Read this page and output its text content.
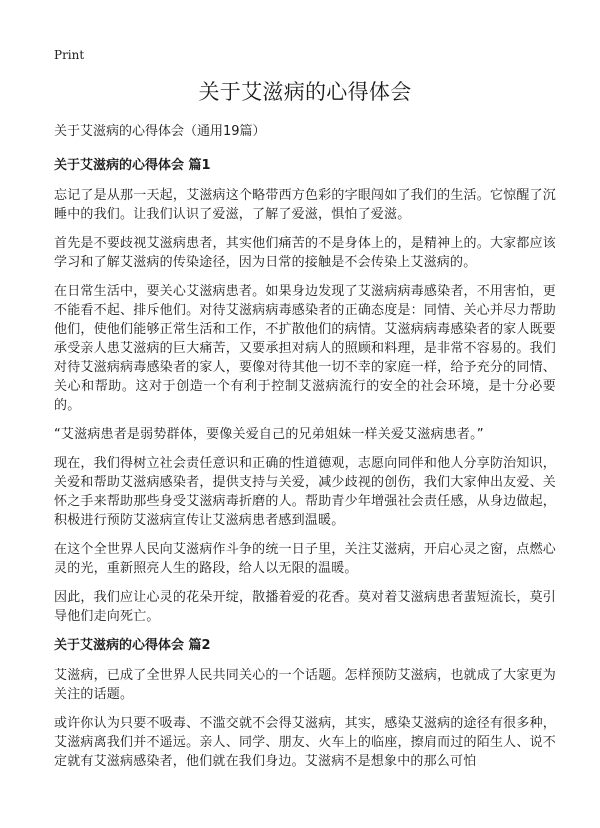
Print
关于艾滋病的心得体会

关于艾滋病的心得体会（通用19篇）

关于艾滋病的心得体会 篇1

忘记了是从那一天起，艾滋病这个略带西方色彩的字眼闯如了我们的生活。它惊醒了沉睡中的我们。让我们认识了爱滋，了解了爱滋，惧怕了爱滋。

首先是不要歧视艾滋病患者，其实他们痛苦的不是身体上的，是精神上的。大家都应该学习和了解艾滋病的传染途径，因为日常的接触是不会传染上艾滋病的。

在日常生活中，要关心艾滋病患者。如果身边发现了艾滋病病毒感染者，不用害怕，更不能看不起、排斥他们。对待艾滋病病毒感染者的正确态度是：同情、关心并尽力帮助他们，使他们能够正常生活和工作，不扩散他们的病情。艾滋病病毒感染者的家人既要承受亲人患艾滋病的巨大痛苦，又要承担对病人的照顾和料理，是非常不容易的。我们对待艾滋病病毒感染者的家人，要像对待其他一切不幸的家庭一样，给予充分的同情、关心和帮助。这对于创造一个有利于控制艾滋病流行的安全的社会环境，是十分必要的。

“艾滋病患者是弱势群体，要像关爱自己的兄弟姐妹一样关爱艾滋病患者。”

现在，我们得树立社会责任意识和正确的性道德观，志愿向同伴和他人分享防治知识，关爱和帮助艾滋病感染者，提供支持与关爱，减少歧视的创伤，我们大家伸出友爱、关怀之手来帮助那些身受艾滋病毒折磨的人。帮助青少年增强社会责任感，从身边做起，积极进行预防艾滋病宣传让艾滋病患者感到温暖。

在这个全世界人民向艾滋病作斗争的统一日子里，关注艾滋病，开启心灵之窗，点燃心灵的光，重新照亮人生的路段，给人以无限的温暖。

因此，我们应让心灵的花朵开绽，散播着爱的花香。莫对着艾滋病患者蜚短流长，莫引导他们走向死亡。

关于艾滋病的心得体会 篇2

艾滋病，已成了全世界人民共同关心的一个话题。怎样预防艾滋病，也就成了大家更为关注的话题。

或许你认为只要不吸毒、不滥交就不会得艾滋病，其实，感染艾滋病的途径有很多种，艾滋病离我们并不遥远。亲人、同学、朋友、火车上的临座，擦肩而过的陌生人、说不定就有艾滋病感染者，他们就在我们身边。艾滋病不是想象中的那么可怕
